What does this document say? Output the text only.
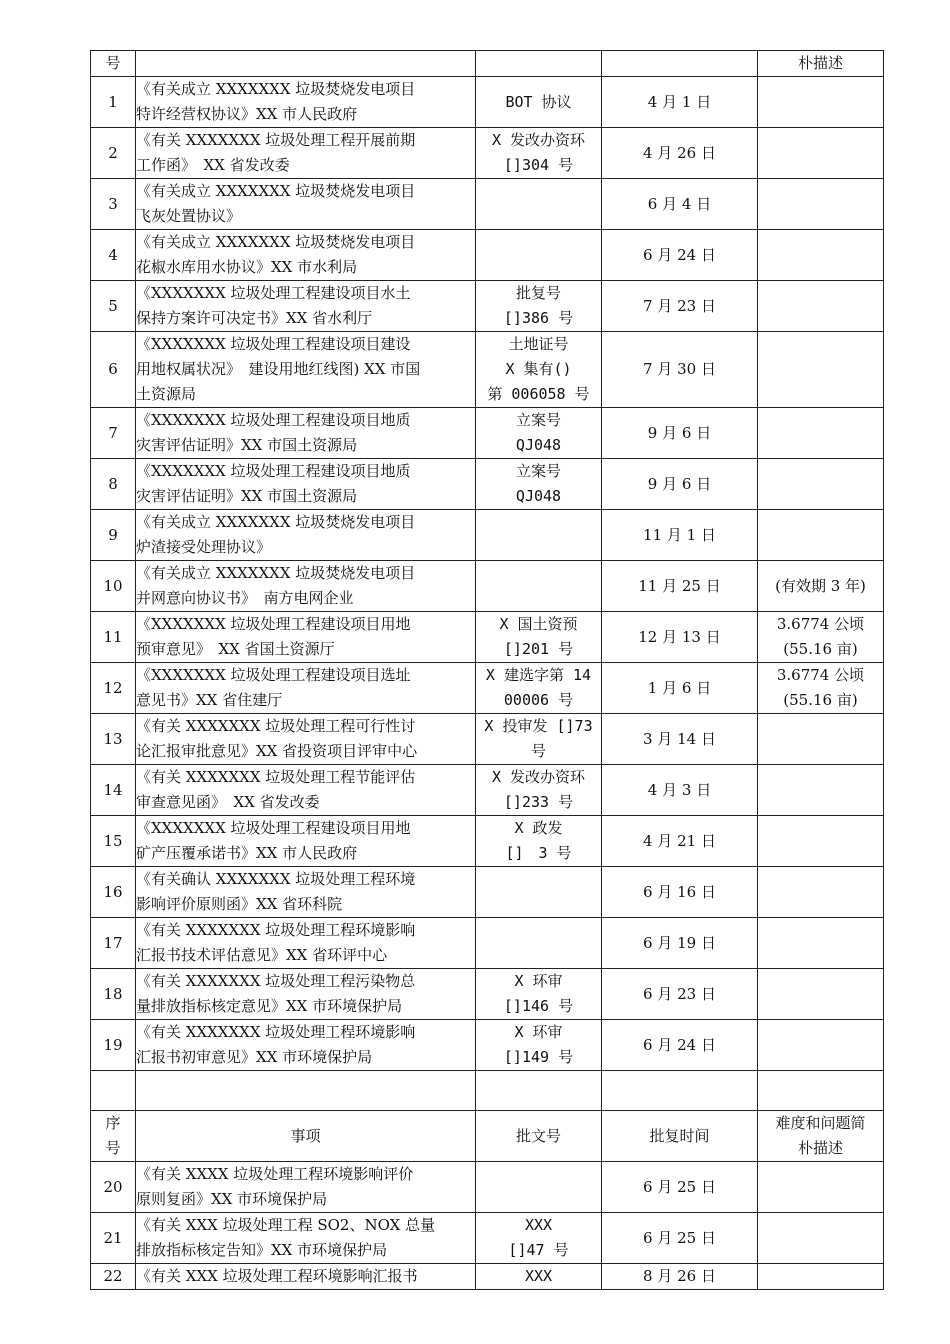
号				朴描述
1	《有关成立 XXXXXXX 垃圾焚烧发电项目
特许经营权协议》XX 市人民政府	BOT 协议	4 月 1 日	
2	《有关 XXXXXXX 垃圾处理工程开展前期
工作函》　XX 省发改委	X 发改办资环
[]304 号	4 月 26 日	
3	《有关成立 XXXXXXX 垃圾焚烧发电项目
飞灰处置协议》		6 月 4 日	
4	《有关成立 XXXXXXX 垃圾焚烧发电项目
花椒水库用水协议》XX 市水利局		6 月 24 日	
5	《XXXXXXX 垃圾处理工程建设项目水土
保持方案许可决定书》XX 省水利厅	批复号
[]386 号	7 月 23 日	
6	《XXXXXXX 垃圾处理工程建设项目建设
用地权属状况》　建设用地红线图) XX 市国
土资源局	土地证号
X 集有()
第 006058 号	7 月 30 日	
7	《XXXXXXX 垃圾处理工程建设项目地质
灾害评估证明》XX 市国土资源局	立案号
QJ048	9 月 6 日	
8	《XXXXXXX 垃圾处理工程建设项目地质
灾害评估证明》XX 市国土资源局	立案号
QJ048	9 月 6 日	
9	《有关成立 XXXXXXX 垃圾焚烧发电项目
炉渣接受处理协议》		11 月 1 日	
10	《有关成立 XXXXXXX 垃圾焚烧发电项目
并网意向协议书》　南方电网企业		11 月 25 日	(有效期 3 年)

11	《XXXXXXX 垃圾处理工程建设项目用地
预审意见》　XX 省国土资源厅	X 国土资预
[]201 号	12 月 13 日	3.6774 公顷
(55.16 亩)

12	《XXXXXXX 垃圾处理工程建设项目选址
意见书》XX 省住建厅	X 建选字第 14
00006 号	1 月 6 日	3.6774 公顷
(55.16 亩)

13	《有关 XXXXXXX 垃圾处理工程可行性讨
论汇报审批意见》XX 省投资项目评审中心	X 投审发 []73
号	3 月 14 日	
14	《有关 XXXXXXX 垃圾处理工程节能评估
审查意见函》　XX 省发改委	X 发改办资环
[]233 号	4 月 3 日	
15	《XXXXXXX 垃圾处理工程建设项目用地
矿产压覆承诺书》XX 市人民政府	X 政发
[]　3 号	4 月 21 日	
16	《有关确认 XXXXXXX 垃圾处理工程环境
影响评价原则函》XX 省环科院		6 月 16 日	
17	《有关 XXXXXXX 垃圾处理工程环境影响
汇报书技术评估意见》XX 省环评中心		6 月 19 日	
18	《有关 XXXXXXX 垃圾处理工程污染物总
量排放指标核定意见》XX 市环境保护局	X 环审
[]146 号	6 月 23 日	
19	《有关 XXXXXXX 垃圾处理工程环境影响
汇报书初审意见》XX 市环境保护局	X 环审
[]149 号	6 月 24 日	

序
号	事项	批文号	批复时间	难度和问题简
朴描述

20	《有关 XXXX 垃圾处理工程环境影响评价
原则复函》XX 市环境保护局		6 月 25 日	
21	《有关 XXX 垃圾处理工程 SO2、NOX 总量
排放指标核定告知》XX 市环境保护局	XXX
[]47 号	6 月 25 日	
22	《有关 XXX 垃圾处理工程环境影响汇报书	XXX	8 月 26 日	
